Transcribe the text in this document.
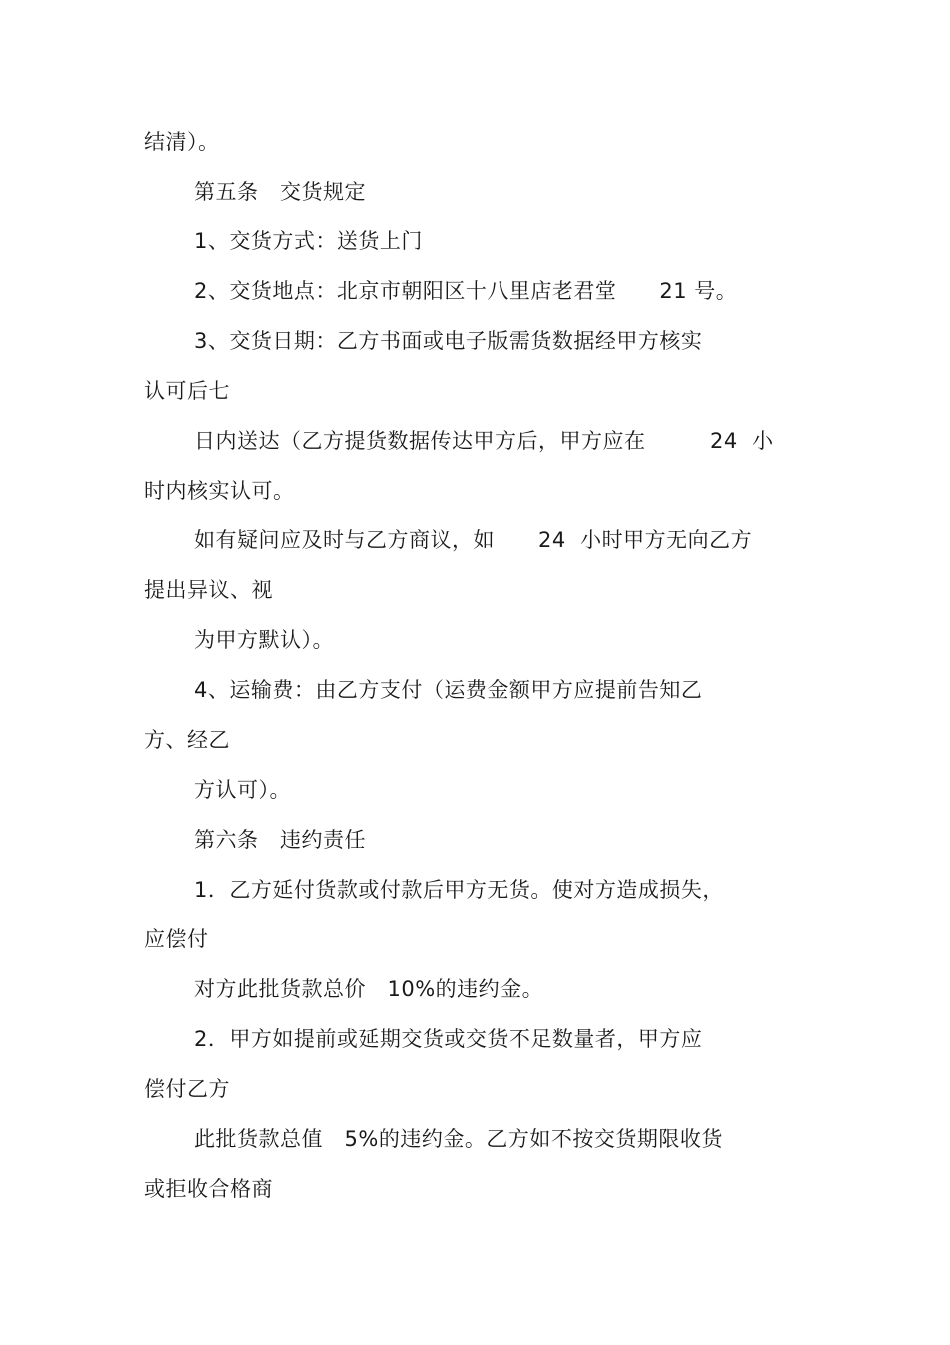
结清）。
第五条　交货规定
1、交货方式：送货上门
2、交货地点：北京市朝阳区十八里店老君堂　　21 号。
3、交货日期：乙方书面或电子版需货数据经甲方核实
认可后七
日内送达（乙方提货数据传达甲方后，甲方应在　　　24  小
时内核实认可。
如有疑问应及时与乙方商议，如　　24  小时甲方无向乙方
提出异议、视
为甲方默认）。
4、运输费：由乙方支付（运费金额甲方应提前告知乙
方、经乙
方认可）。
第六条　违约责任
1．乙方延付货款或付款后甲方无货。使对方造成损失，
应偿付
对方此批货款总价　10%的违约金。
2．甲方如提前或延期交货或交货不足数量者，甲方应
偿付乙方
此批货款总值　5%的违约金。乙方如不按交货期限收货
或拒收合格商
